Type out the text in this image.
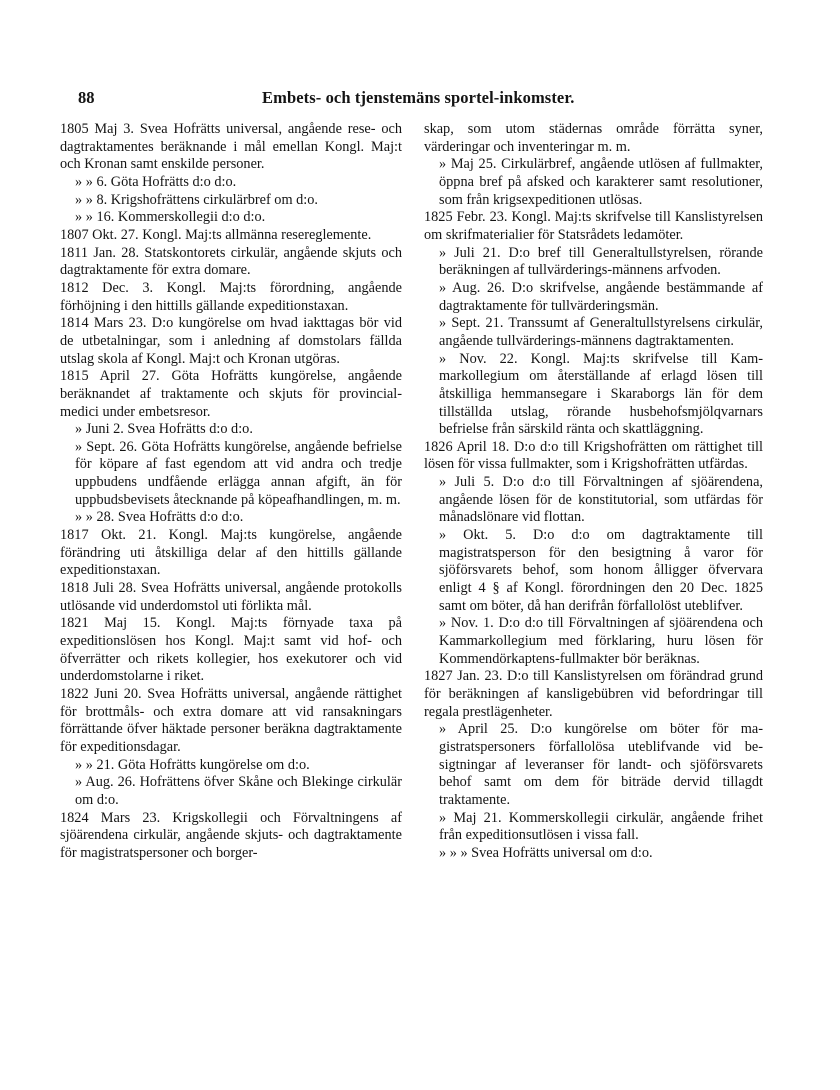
88	Embets- och tjenstemäns sportel-inkomster.

1805 Maj 3. Svea Hofrätts universal, angående rese- och dagtraktamentes beräknande i mål emellan Kongl. Maj:t och Kronan samt enskilde personer.

» » 6. Göta Hofrätts d:o d:o.

» » 8. Krigshofrättens cirkulärbref om d:o.

» » 16. Kommerskollegii d:o d:o.

1807 Okt. 27. Kongl. Maj:ts allmänna resereglemente.

1811 Jan. 28. Statskontorets cirkulär, angående skjuts och dagtraktamente för extra domare.

1812 Dec. 3. Kongl. Maj:ts förordning, angående förhöjning i den hittills gällande expeditionstaxan.

1814 Mars 23. D:o kungörelse om hvad iakttagas bör vid de utbetalningar, som i anledning af domstolars fällda utslag skola af Kongl. Maj:t och Kronan utgöras.

1815 April 27. Göta Hofrätts kungörelse, angående beräknandet af traktamente och skjuts för provincial-medici under embetsresor.

» Juni 2. Svea Hofrätts d:o d:o.

» Sept. 26. Göta Hofrätts kungörelse, angående befrielse för köpare af fast egendom att vid andra och tredje uppbudens undfående erlägga annan afgift, än för uppbudsbevisets åtecknande på köpeafhandlingen, m. m.

» » 28. Svea Hofrätts d:o d:o.

1817 Okt. 21. Kongl. Maj:ts kungörelse, angående förändring uti åtskilliga delar af den hittills gällande expeditionstaxan.

1818 Juli 28. Svea Hofrätts universal, angående protokolls utlösande vid underdomstol uti förlikta mål.

1821 Maj 15. Kongl. Maj:ts förnyade taxa på expeditionslösen hos Kongl. Maj:t samt vid hof- och öfverrätter och rikets kollegier, hos exekutorer och vid underdomstolarne i riket.

1822 Juni 20. Svea Hofrätts universal, angående rättighet för brottmåls- och extra domare att vid ransakningars förrättande öfver häktade personer beräkna dagtraktamente för expeditionsdagar.

» » 21. Göta Hofrätts kungörelse om d:o.

» Aug. 26. Hofrättens öfver Skåne och Blekinge cirkulär om d:o.

1824 Mars 23. Krigskollegii och Förvaltningens af sjöärendena cirkulär, angående skjuts- och dagtraktamente för magistratspersoner och borger-

skap, som utom städernas område förrätta syner, värderingar och inventeringar m. m.

» Maj 25. Cirkulärbref, angående utlösen af fullmakter, öppna bref på afsked och karakterer samt resolutioner, som från krigsexpeditionen utlösas.

1825 Febr. 23. Kongl. Maj:ts skrifvelse till Kanslistyrelsen om skrifmaterialier för Statsrådets ledamöter.

» Juli 21. D:o bref till Generaltullstyrelsen, rörande beräkningen af tullvärderings-männens arfvoden.

» Aug. 26. D:o skrifvelse, angående bestämmande af dagtraktamente för tullvärderingsmän.

» Sept. 21. Transsumt af Generaltullstyrelsens cirkulär, angående tullvärderings-männens dagtraktamenten.

» Nov. 22. Kongl. Maj:ts skrifvelse till Kammarkollegium om återställande af erlagd lösen till åtskilliga hemmansegare i Skaraborgs län för dem tillställda utslag, rörande husbehofsmjölqvarnars befrielse från särskild ränta och skattläggning.

1826 April 18. D:o d:o till Krigshofrätten om rättighet till lösen för vissa fullmakter, som i Krigshofrätten utfärdas.

» Juli 5. D:o d:o till Förvaltningen af sjöärendena, angående lösen för de konstitutorial, som utfärdas för månadslönare vid flottan.

» Okt. 5. D:o d:o om dagtraktamente till magistratsperson för den besigtning å varor för sjöförsvarets behof, som honom ålligger öfvervara enligt 4 § af Kongl. förordningen den 20 Dec. 1825 samt om böter, då han derifrån förfallolöst uteblifver.

» Nov. 1. D:o d:o till Förvaltningen af sjöärendena och Kammarkollegium med förklaring, huru lösen för Kommendörkaptens-fullmakter bör beräknas.

1827 Jan. 23. D:o till Kanslistyrelsen om förändrad grund för beräkningen af kansligebübren vid befordringar till regala prestlägenheter.

» April 25. D:o kungörelse om böter för magistratspersoners förfallolösa uteblifvande vid besigtningar af leveranser för landt- och sjöförsvarets behof samt om dem för biträde dervid tillagdt traktamente.

» Maj 21. Kommerskollegii cirkulär, angående frihet från expeditionsutlösen i vissa fall.

» » » Svea Hofrätts universal om d:o.
